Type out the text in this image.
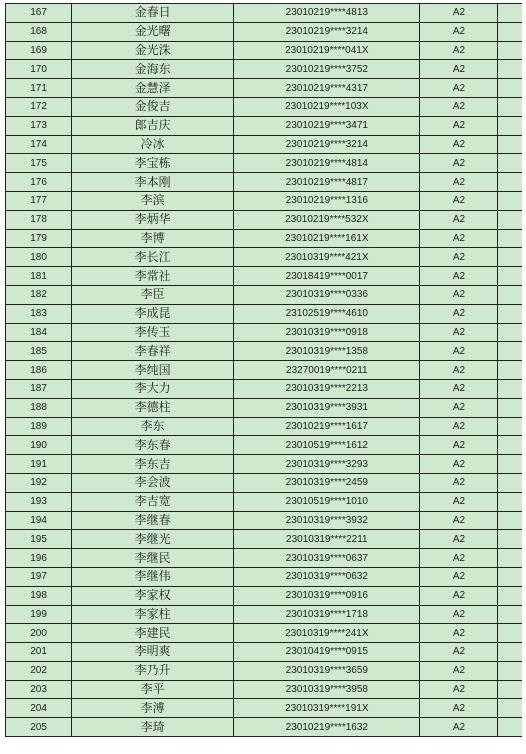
167	金春日	23010219****4813	A2	
168	金光曙	23010219****3214	A2	
169	金光洙	23010219****041X	A2	
170	金海东	23010219****3752	A2	
171	金慧泽	23010219****4317	A2	
172	金俊吉	23010219****103X	A2	
173	郎吉庆	23010219****3471	A2	
174	冷冰	23010219****3214	A2	
175	李宝栋	23010219****4814	A2	
176	李本刚	23010219****4817	A2	
177	李滨	23010219****1316	A2	
178	李炳华	23010219****532X	A2	
179	李博	23010219****161X	A2	
180	李长江	23010319****421X	A2	
181	李常社	23018419****0017	A2	
182	李臣	23010319****0336	A2	
183	李成昆	23102519****4610	A2	
184	李传玉	23010319****0918	A2	
185	李春祥	23010319****1358	A2	
186	李纯国	23270019****0211	A2	
187	李大力	23010319****2213	A2	
188	李德柱	23010319****3931	A2	
189	李东	23010219****1617	A2	
190	李东春	23010519****1612	A2	
191	李东吉	23010319****3293	A2	
192	李会波	23010319****2459	A2	
193	李吉宽	23010519****1010	A2	
194	李继春	23010319****3932	A2	
195	李继光	23010319****2211	A2	
196	李继民	23010319****0637	A2	
197	李继伟	23010319****0632	A2	
198	李家权	23010319****0916	A2	
199	李家柱	23010319****1718	A2	
200	李建民	23010319****241X	A2	
201	李明爽	23010419****0915	A2	
202	李乃升	23010319****3659	A2	
203	李平	23010319****3958	A2	
204	李溥	23010319****191X	A2	
205	李琦	23010219****1632	A2	
